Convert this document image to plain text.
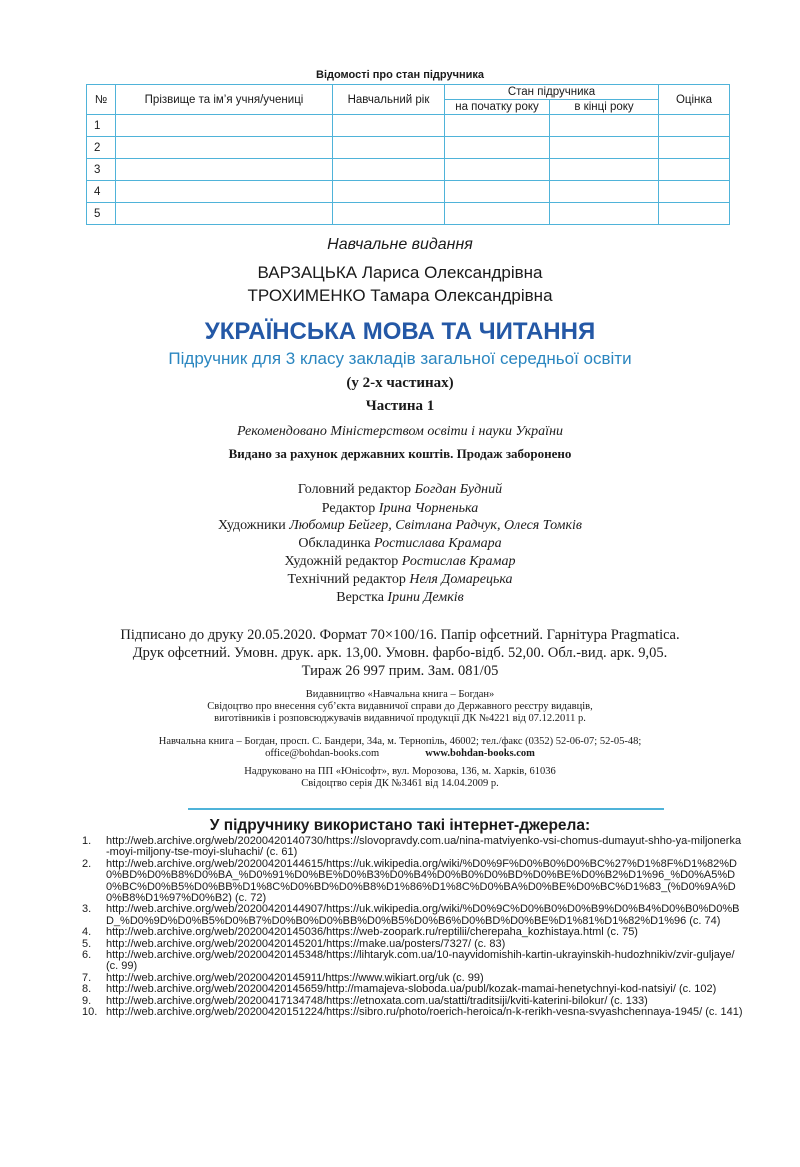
Відомості про стан підручника
№	Прізвище та ім’я учня/учениці	Навчальний рік	Стан підручника		Оцінка
			на початку року	в кінці року	
1					
2					
3					
4					
5					
Навчальне видання
ВАРЗАЦЬКА Лариса Олександрівна
ТРОХИМЕНКО Тамара Олександрівна
УКРАЇНСЬКА МОВА ТА ЧИТАННЯ
Підручник для 3 класу закладів загальної середньої освіти
(у 2-х частинах)
Частина 1
Рекомендовано Міністерством освіти і науки України
Видано за рахунок державних коштів. Продаж заборонено
Головний редактор Богдан Будний
Редактор Ірина Чорненька
Художники Любомир Бейгер, Світлана Радчук, Олеся Томків
Обкладинка Ростислава Крамара
Художній редактор Ростислав Крамар
Технічний редактор Неля Домарецька
Верстка Ірини Демків
Підписано до друку 20.05.2020. Формат 70×100/16. Папір офсетний. Гарнітура Pragmatica.
Друк офсетний. Умовн. друк. арк. 13,00. Умовн. фарбо-відб. 52,00. Обл.-вид. арк. 9,05.
Тираж 26 997 прим. Зам. 081/05
Видавництво «Навчальна книга – Богдан»
Свідоцтво про внесення суб’єкта видавничої справи до Державного реєстру видавців,
виготівників і розповсюджувачів видавничої продукції ДК №4221 від 07.12.2011 р.
Навчальна книга – Богдан, просп. С. Бандери, 34а, м. Тернопіль, 46002; тел./факс (0352) 52-06-07; 52-05-48;
office@bohdan-books.com	www.bohdan-books.com
Надруковано на ПП «Юнісофт», вул. Морозова, 136, м. Харків, 61036
Свідоцтво серія ДК №3461 від 14.04.2009 р.
У підручнику використано такі інтернет-джерела:
1. http://web.archive.org/web/20200420140730/https://slovopravdy.com.ua/nina-matviyenko-vsi-chomus-dumayut-shho-ya-miljonerka-moyi-miljony-tse-moyi-sluhachi/ (с. 61)
2. http://web.archive.org/web/20200420144615/https://uk.wikipedia.org/wiki/%D0%9F%D0%B0%D0%BC%27%D1%8F%D1%82%D0%BD%D0%B8%D0%BA_%D0%91%D0%BE%D0%B3%D0%B4%D0%B0%D0%BD%D0%BE%D0%B2%D1%96_%D0%A5%D0%BC%D0%B5%D0%BB%D1%8C%D0%BD%D0%B8%D1%86%D1%8C%D0%BA%D0%BE%D0%BC%D1%83_(%D0%9A%D0%B8%D1%97%D0%B2) (с. 72)
3. http://web.archive.org/web/20200420144907/https://uk.wikipedia.org/wiki/%D0%9C%D0%B0%D0%B9%D0%B4%D0%B0%D0%BD_%D0%9D%D0%B5%D0%B7%D0%B0%D0%BB%D0%B5%D0%B6%D0%BD%D0%BE%D1%81%D1%82%D1%96 (с. 74)
4. http://web.archive.org/web/20200420145036/https://web-zoopark.ru/reptilii/cherepaha_kozhistaya.html (с. 75)
5. http://web.archive.org/web/20200420145201/https://make.ua/posters/7327/ (с. 83)
6. http://web.archive.org/web/20200420145348/https://lihtaryk.com.ua/10-nayvidomishih-kartin-ukrayinskih-hudozhnikiv/zvir-guljaye/ (с. 99)
7. http://web.archive.org/web/20200420145911/https://www.wikiart.org/uk (с. 99)
8. http://web.archive.org/web/20200420145659/http://mamajeva-sloboda.ua/publ/kozak-mamai-henetychnyi-kod-natsiyi/ (с. 102)
9. http://web.archive.org/web/20200417134748/https://etnoxata.com.ua/statti/traditsiji/kviti-katerini-bilokur/ (с. 133)
10. http://web.archive.org/web/20200420151224/https://sibro.ru/photo/roerich-heroica/n-k-rerikh-vesna-svyashchennaya-1945/ (с. 141)
